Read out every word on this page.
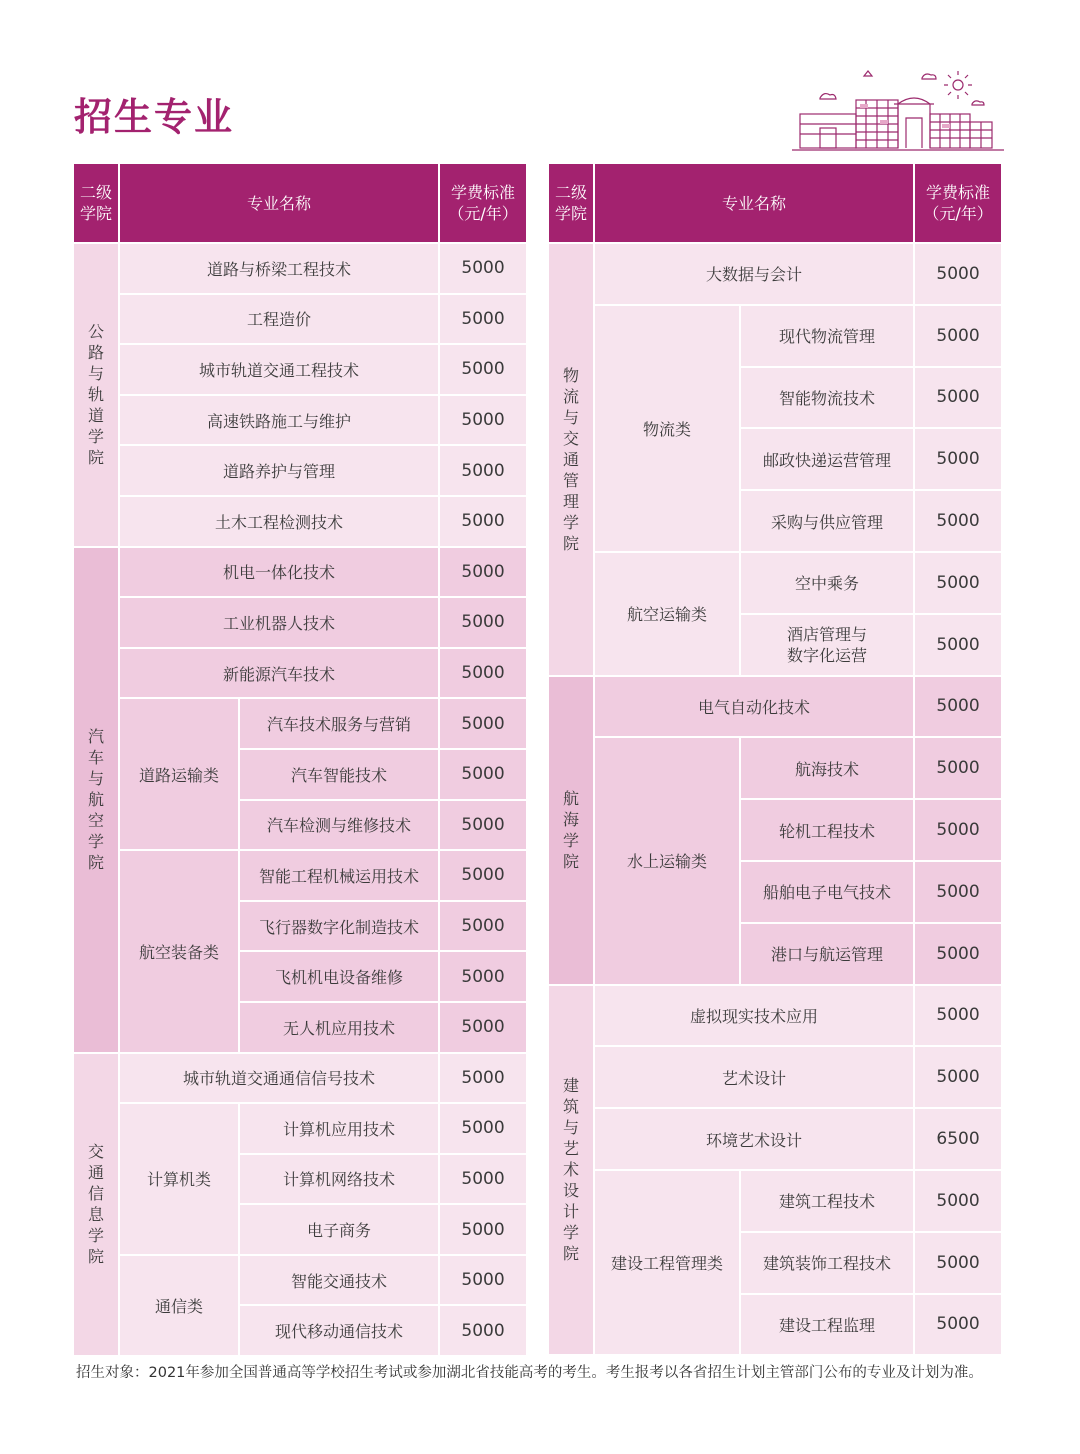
招生专业
二级
学院	专业名称		学费标准
（元/年）
公路与轨道学院	道路与桥梁工程技术		5000
	工程造价		5000
	城市轨道交通工程技术		5000
	高速铁路施工与维护		5000
	道路养护与管理		5000
	土木工程检测技术		5000
汽车与航空学院	机电一体化技术		5000
	工业机器人技术		5000
	新能源汽车技术		5000
	道路运输类	汽车技术服务与营销	5000
		汽车智能技术	5000
		汽车检测与维修技术	5000
	航空装备类	智能工程机械运用技术	5000
		飞行器数字化制造技术	5000
		飞机机电设备维修	5000
		无人机应用技术	5000
交通信息学院	城市轨道交通通信信号技术		5000
	计算机类	计算机应用技术	5000
		计算机网络技术	5000
		电子商务	5000
	通信类	智能交通技术	5000
		现代移动通信技术	5000
二级
学院	专业名称		学费标准
（元/年）
物流与交通管理学院	大数据与会计		5000
	物流类	现代物流管理	5000
		智能物流技术	5000
		邮政快递运营管理	5000
		采购与供应管理	5000
	航空运输类	空中乘务	5000
		酒店管理与
数字化运营	5000
航海学院	电气自动化技术		5000
	水上运输类	航海技术	5000
		轮机工程技术	5000
		船舶电子电气技术	5000
		港口与航运管理	5000
建筑与艺术设计学院	虚拟现实技术应用		5000
	艺术设计		5000
	环境艺术设计		6500
	建设工程管理类	建筑工程技术	5000
		建筑装饰工程技术	5000
		建设工程监理	5000

招生对象：2021年参加全国普通高等学校招生考试或参加湖北省技能高考的考生。考生报考以各省招生计划主管部门公布的专业及计划为准。
